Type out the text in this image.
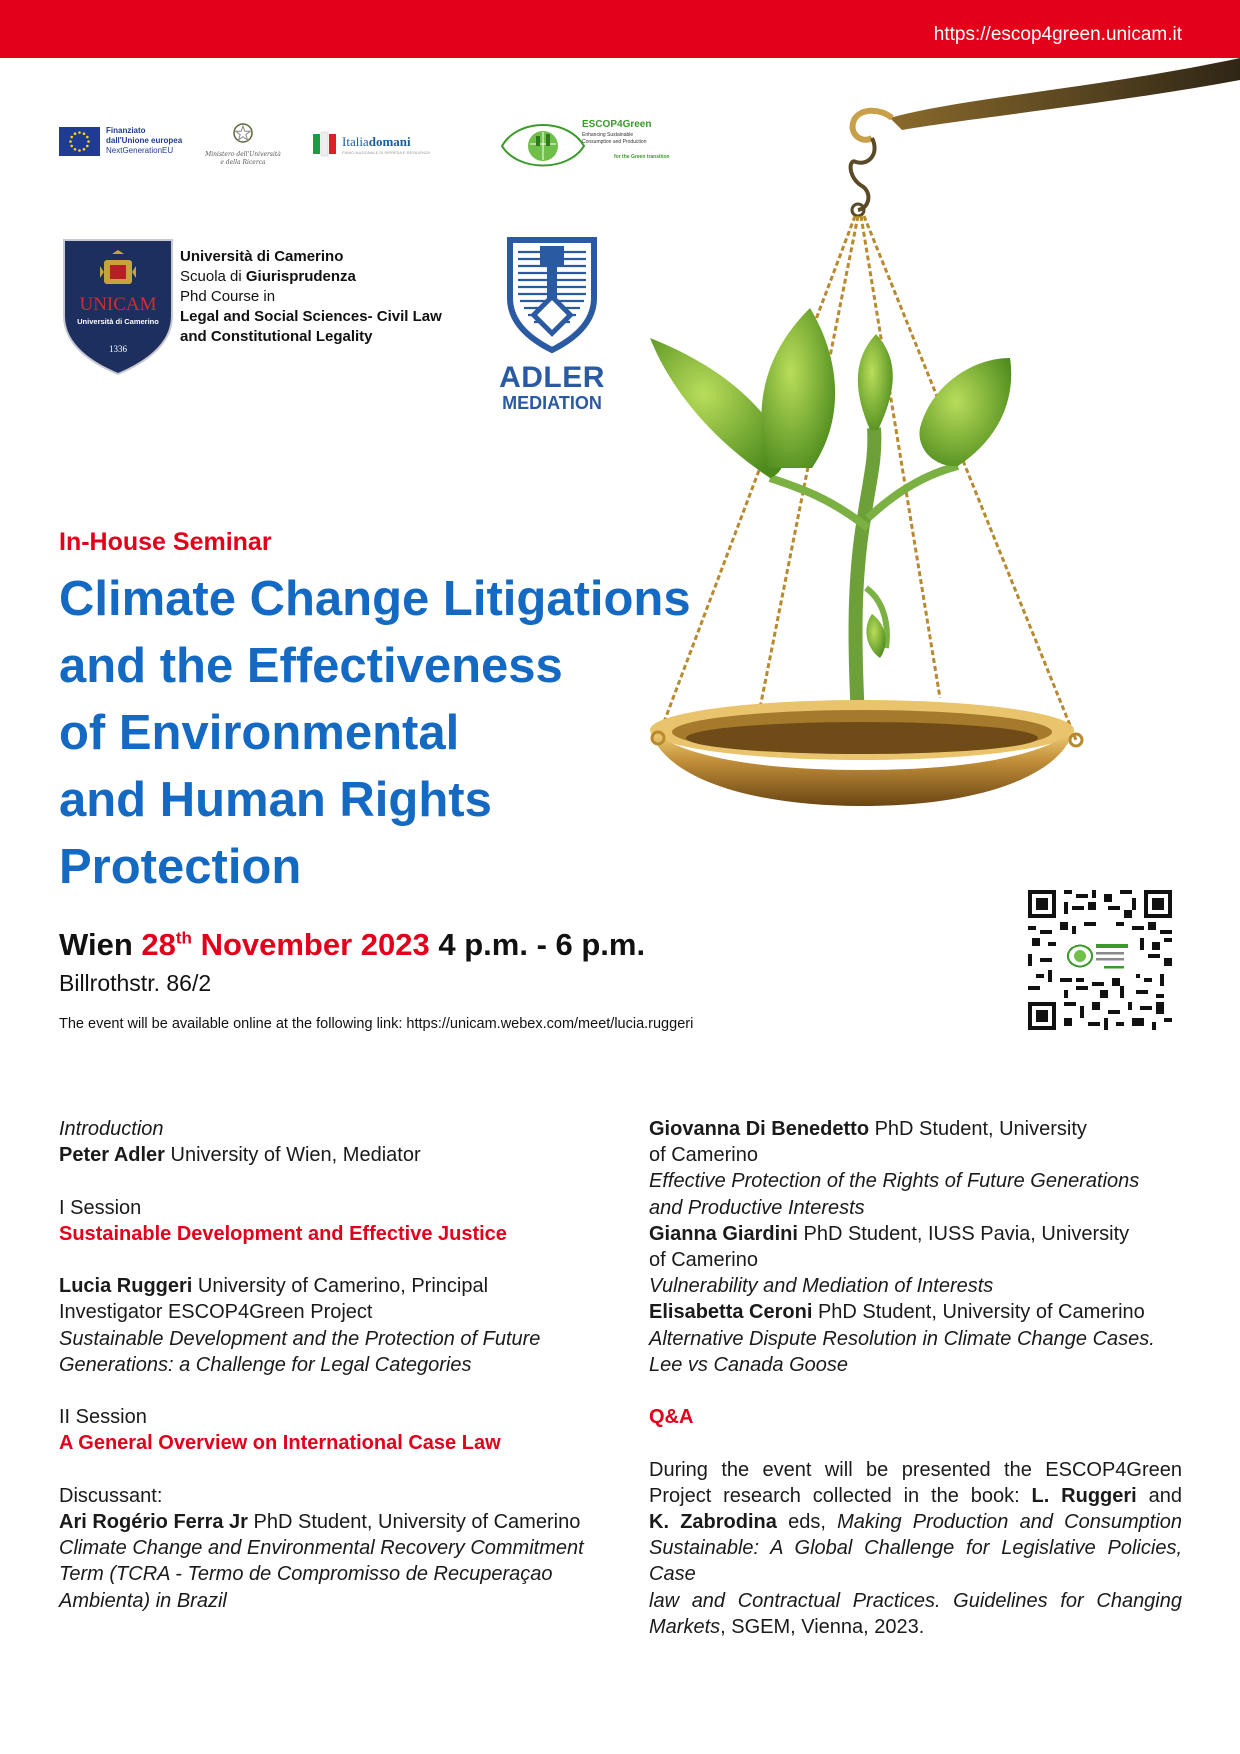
https://escop4green.unicam.it
Finanziato
dall'Unione europea
NextGenerationEU	Ministero dell'Università
e della Ricerca
Italiadomani
PIANO NAZIONALE DI RIPRESA E RESILIENZA
ESCOP4Green
Enhancing Sustainable
Consumption and Production
for the Green transition
UNICAM
Università di Camerino
1336
Università di Camerino
Scuola di Giurisprudenza
Phd Course in
Legal and Social Sciences- Civil Law
and Constitutional Legality
ADLER
MEDIATION
In-House Seminar
Climate Change Litigations
and the Effectiveness
of Environmental
and Human Rights
Protection
Wien 28th November 2023 4 p.m. - 6 p.m.
Billrothstr. 86/2
The event will be available online at the following link: https://unicam.webex.com/meet/lucia.ruggeri

Introduction

Peter Adler University of Wien, Mediator

I Session

Sustainable Development and Effective Justice

Lucia Ruggeri University of Camerino, Principal

Investigator ESCOP4Green Project

Sustainable Development and the Protection of Future

Generations: a Challenge for Legal Categories

II Session

A General Overview on International Case Law

Discussant:

Ari Rogério Ferra Jr PhD Student, University of Camerino

Climate Change and Environmental Recovery Commitment

Term (TCRA - Termo de Compromisso de Recuperaçao

Ambienta) in Brazil

Giovanna Di Benedetto PhD Student, University

of Camerino

Effective Protection of the Rights of Future Generations

and Productive Interests

Gianna Giardini PhD Student, IUSS Pavia, University

of Camerino

Vulnerability and Mediation of Interests

Elisabetta Ceroni PhD Student, University of Camerino

Alternative Dispute Resolution in Climate Change Cases.

Lee vs Canada Goose

Q&A

During the event will be presented the ESCOP4Green

Project research collected in the book: L. Ruggeri and

K. Zabrodina eds, Making Production and Consumption

Sustainable: A Global Challenge for Legislative Policies, Case

law and Contractual Practices. Guidelines for Changing

Markets, SGEM, Vienna, 2023.
